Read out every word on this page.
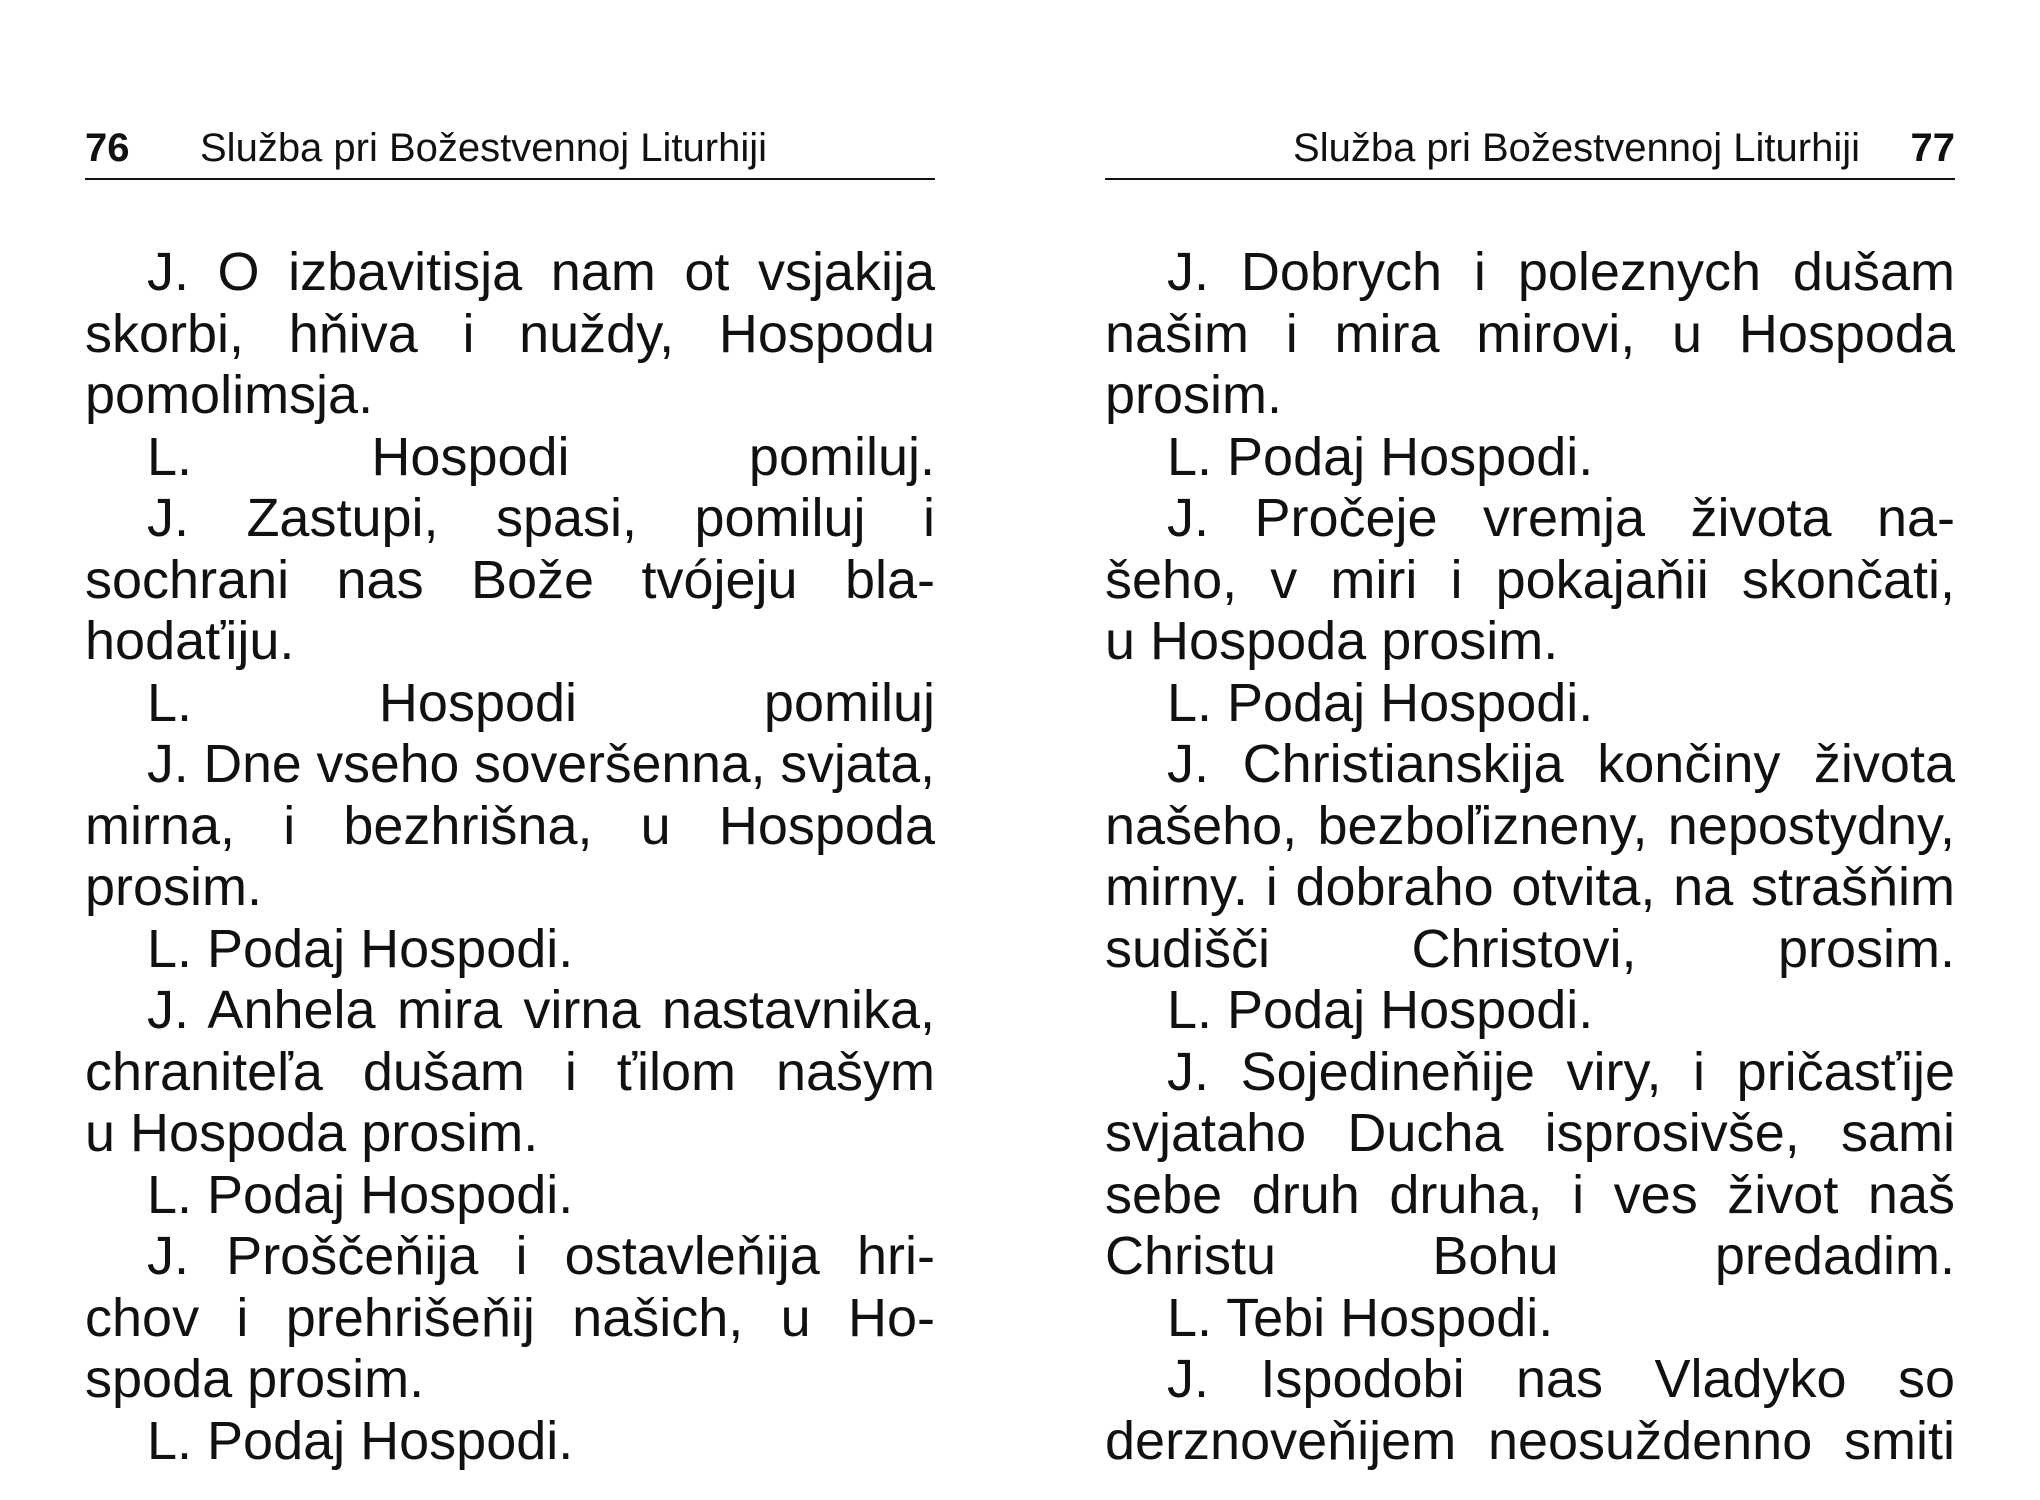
76 Služba pri Božestvennoj Liturhiji
J. O izbavitisja nam ot vsjakija
skorbi, hňiva i nuždy, Hospodu
pomolimsja.
L. Hospodi pomiluj.
J. Zastupi, spasi, pomiluj i
sochrani nas Bože tvójeju bla-
hodaťiju.
L. Hospodi pomiluj
J. Dne vseho soveršenna, svjata,
mirna, i bezhrišna, u Hospoda
prosim.
L. Podaj Hospodi.
J. Anhela mira virna nastavnika,
chraniteľa dušam i ťilom našym
u Hospoda prosim.
L. Podaj Hospodi.
J. Proščeňija i ostavleňija hri-
chov i prehrišeňij našich, u Ho-
spoda prosim.
L. Podaj Hospodi.
Služba pri Božestvennoj Liturhiji 77
J. Dobrych i poleznych dušam
našim i mira mirovi, u Hospoda
prosim.
L. Podaj Hospodi.
J. Pročeje vremja života na-
šeho, v miri i pokajaňii skončati,
u Hospoda prosim.
L. Podaj Hospodi.
J. Christianskija končiny života
našeho, bezboľizneny, nepostydny,
mirny. i dobraho otvita, na strašňim
sudišči Christovi, prosim.
L. Podaj Hospodi.
J. Sojedineňije viry, i pričasťije
svjataho Ducha isprosivše, sami
sebe druh druha, i ves život naš
Christu Bohu predadim.
L. Tebi Hospodi.
J. Ispodobi nas Vladyko so
derznoveňijem neosuždenno smiti
